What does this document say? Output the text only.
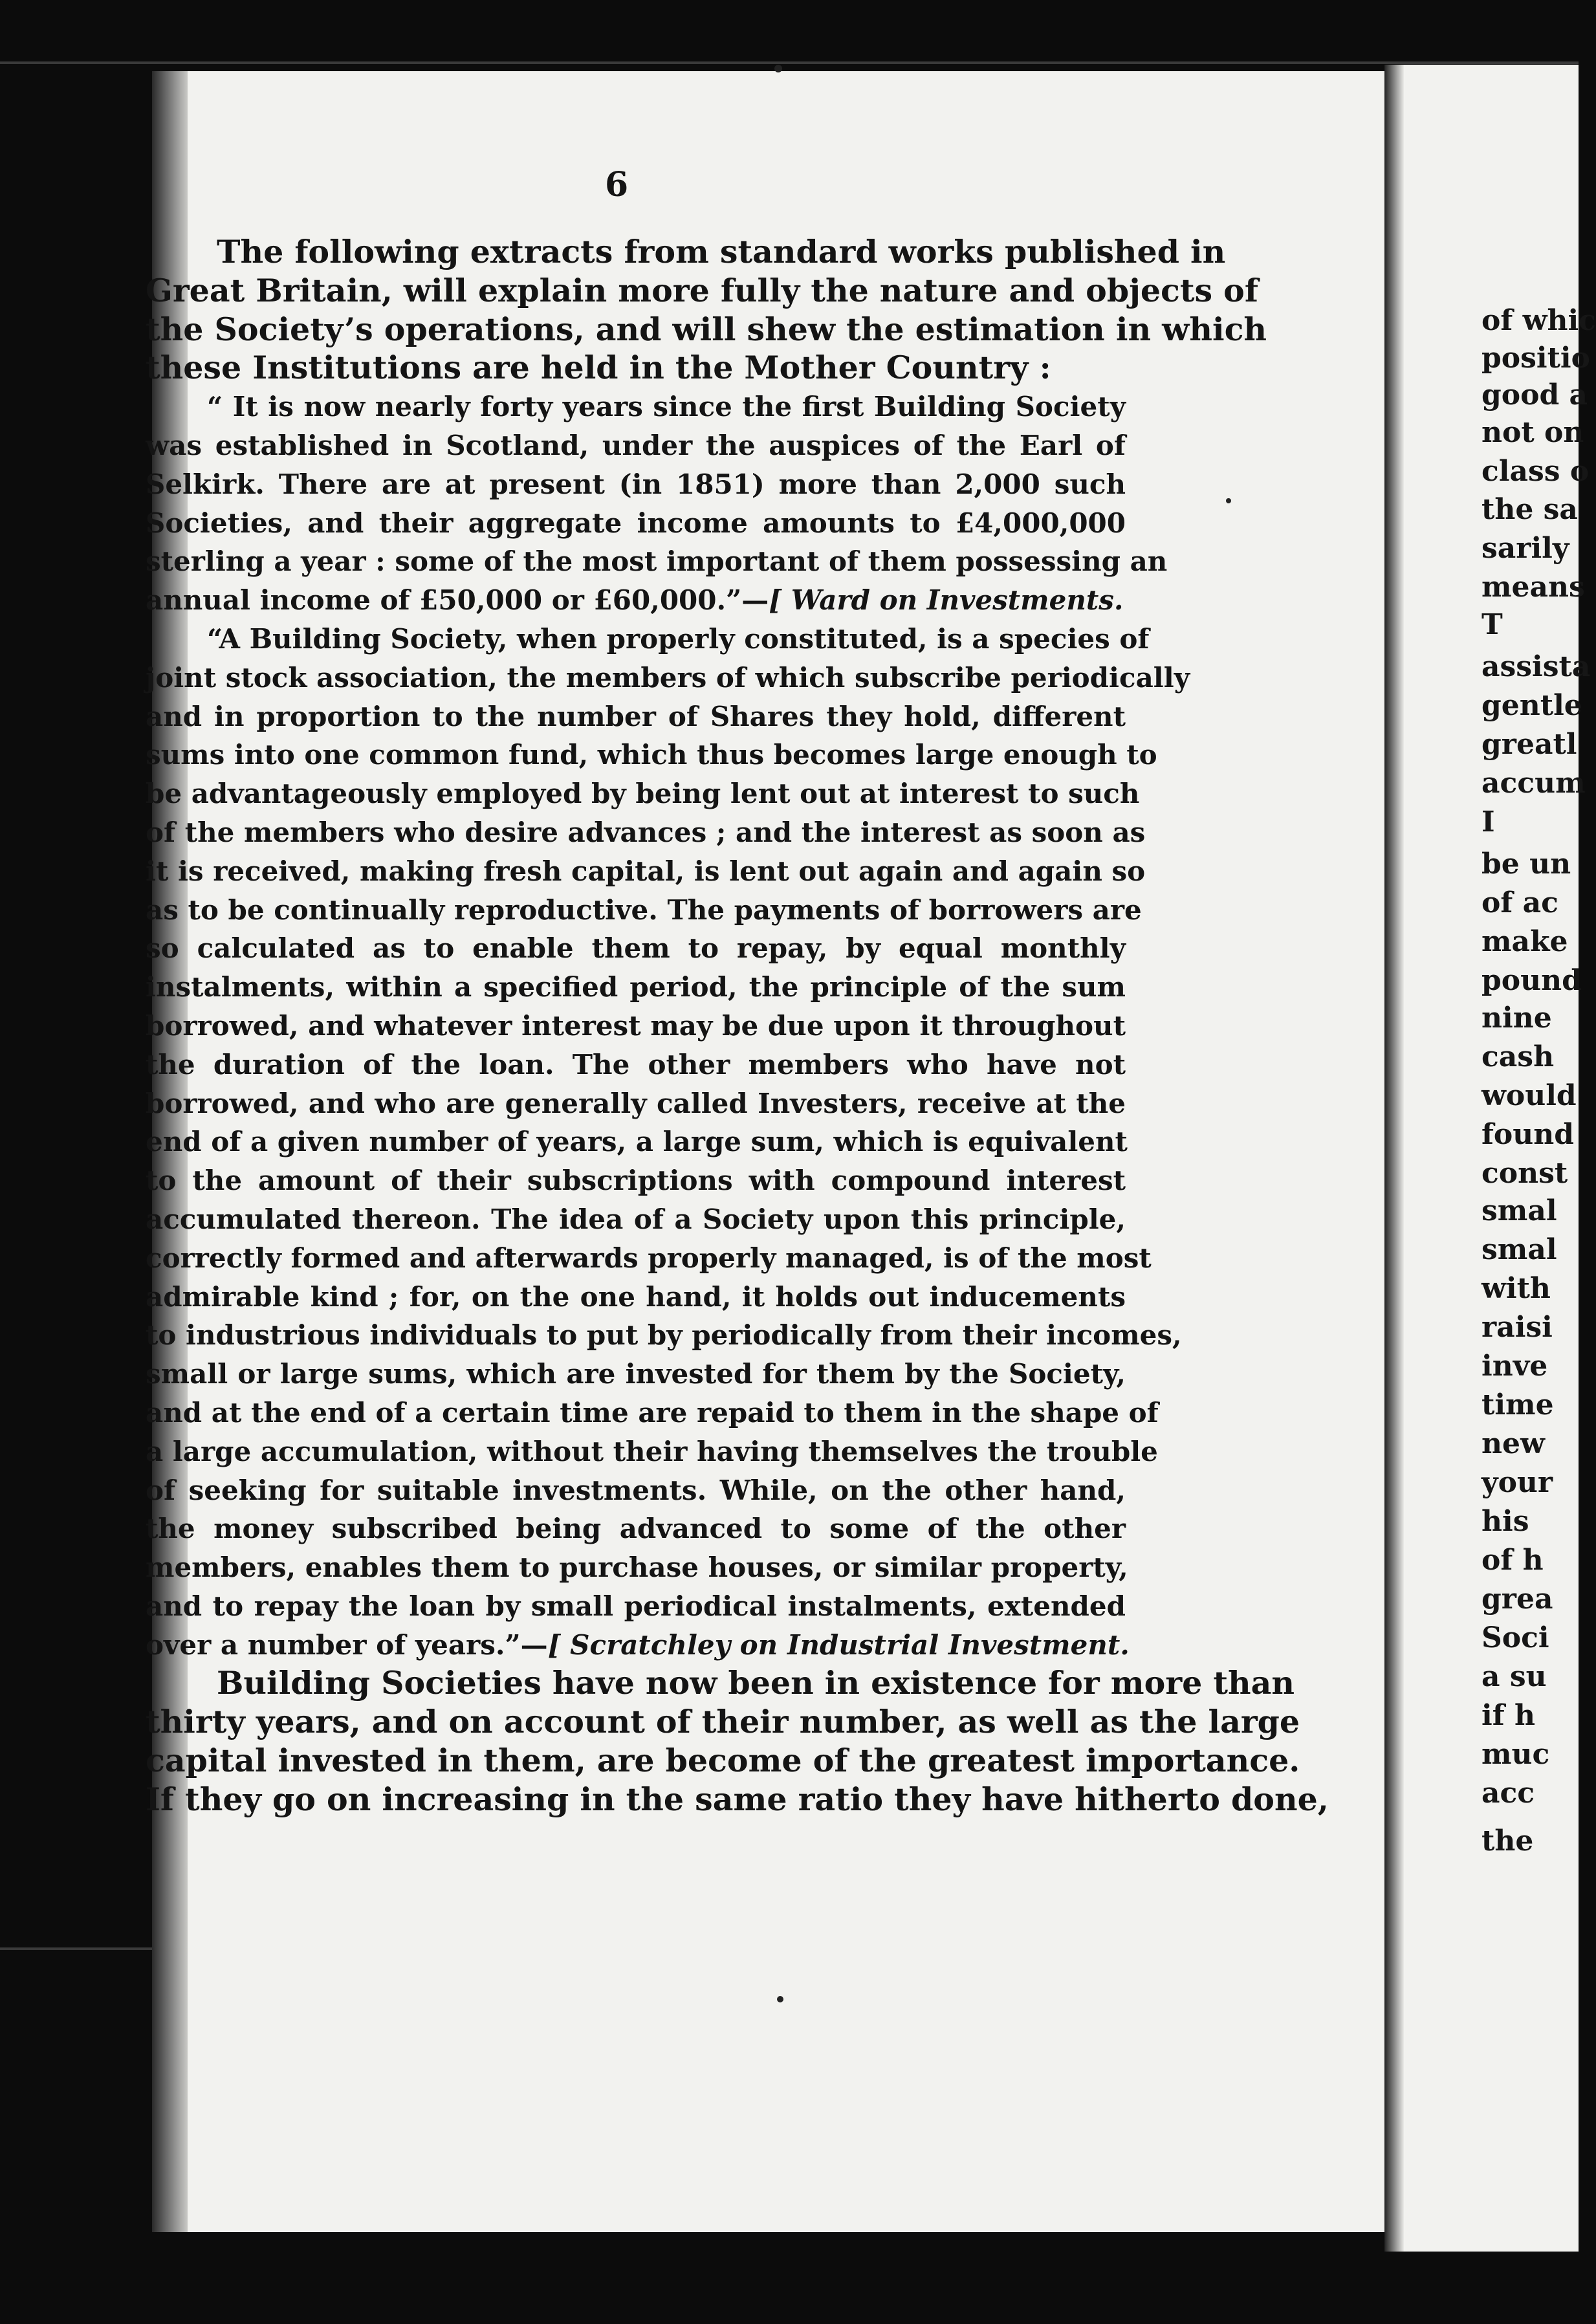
6
The following extracts from standard works published in
Great Britain, will explain more fully the nature and objects of
the Society’s operations, and will shew the estimation in which
these Institutions are held in the Mother Country :
“ It is now nearly forty years since the first Building Society
was established in Scotland, under the auspices of the Earl of
Selkirk. There are at present (in 1851) more than 2,000 such
Societies, and their aggregate income amounts to £4,000,000
sterling a year : some of the most important of them possessing an
annual income of £50,000 or £60,000.”—[ Ward on Investments.
“A Building Society, when properly constituted, is a species of
joint stock association, the members of which subscribe periodically
and in proportion to the number of Shares they hold, different
sums into one common fund, which thus becomes large enough to
be advantageously employed by being lent out at interest to such
of the members who desire advances ; and the interest as soon as
it is received, making fresh capital, is lent out again and again so
as to be continually reproductive. The payments of borrowers are
so calculated as to enable them to repay, by equal monthly
instalments, within a specified period, the principle of the sum
borrowed, and whatever interest may be due upon it throughout
the duration of the loan. The other members who have not
borrowed, and who are generally called Investers, receive at the
end of a given number of years, a large sum, which is equivalent
to the amount of their subscriptions with compound interest
accumulated thereon. The idea of a Society upon this principle,
correctly formed and afterwards properly managed, is of the most
admirable kind ; for, on the one hand, it holds out inducements
to industrious individuals to put by periodically from their incomes,
small or large sums, which are invested for them by the Society,
and at the end of a certain time are repaid to them in the shape of
a large accumulation, without their having themselves the trouble
of seeking for suitable investments. While, on the other hand,
the money subscribed being advanced to some of the other
members, enables them to purchase houses, or similar property,
and to repay the loan by small periodical instalments, extended
over a number of years.”—[ Scratchley on Industrial Investment.
Building Societies have now been in existence for more than
thirty years, and on account of their number, as well as the large
capital invested in them, are become of the greatest importance.
If they go on increasing in the same ratio they have hitherto done,
of whic
positio
good a
not on
class o
the sa
sarily
means
T
assista
gentle
greatl
accum
I
be un
of ac
make
pound
nine
cash
would
found
const
smal
smal
with
raisi
inve
time
new
your
his
of h
grea
Soci
a su
if h
muc
acc
the
